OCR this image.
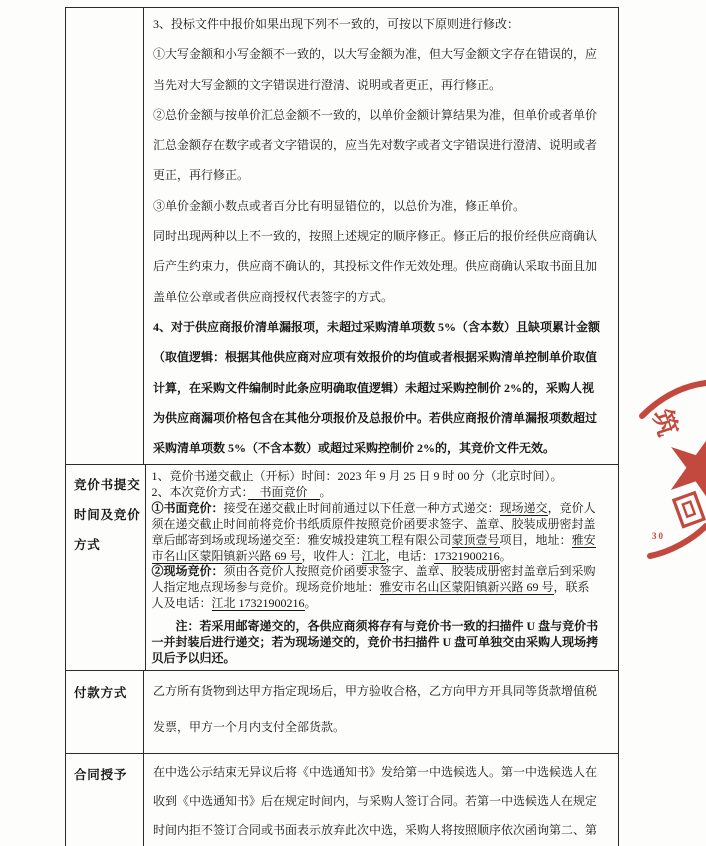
3、投标文件中报价如果出现下列不一致的，可按以下原则进行修改：
①大写金额和小写金额不一致的，以大写金额为准，但大写金额文字存在错误的，应
当先对大写金额的文字错误进行澄清、说明或者更正，再行修正。
②总价金额与按单价汇总金额不一致的，以单价金额计算结果为准，但单价或者单价
汇总金额存在数字或者文字错误的，应当先对数字或者文字错误进行澄清、说明或者
更正，再行修正。
③单价金额小数点或者百分比有明显错位的，以总价为准，修正单价。
同时出现两种以上不一致的，按照上述规定的顺序修正。修正后的报价经供应商确认
后产生约束力，供应商不确认的，其投标文件作无效处理。供应商确认采取书面且加
盖单位公章或者供应商授权代表签字的方式。
4、对于供应商报价清单漏报项，未超过采购清单项数 5%（含本数）且缺项累计金额
（取值逻辑：根据其他供应商对应项有效报价的均值或者根据采购清单控制单价取值
计算，在采购文件编制时此条应明确取值逻辑）未超过采购控制价 2%的，采购人视
为供应商漏项价格包含在其他分项报价及总报价中。若供应商报价清单漏报项数超过
采购清单项数 5%（不含本数）或超过采购控制价 2%的，其竞价文件无效。
竞价书提交
时间及竞价
方式
1、竞价书递交截止（开标）时间：2023 年 9 月 25 日 9 时 00 分（北京时间）。
2、本次竞价方式：　书面竞价　。
①书面竞价：接受在递交截止时间前通过以下任意一种方式递交：现场递交，竞价人
须在递交截止时间前将竞价书纸质原件按照竞价函要求签字、盖章、胶装成册密封盖
章后邮寄到场或现场递交至：雅安城投建筑工程有限公司蒙顶壹号项目，地址：雅安
市名山区蒙阳镇新兴路 69 号，收件人：江北，电话：17321900216。
②现场竞价：须由各竞价人按照竞价函要求签字、盖章、胶装成册密封盖章后到采购
人指定地点现场参与竞价。现场竞价地址：雅安市名山区蒙阳镇新兴路 69 号，联系
人及电话：江北 17321900216。
注：若采用邮寄递交的，各供应商须将存有与竞价书一致的扫描件 U 盘与竞价书
一并封装后进行递交；若为现场递交的，竞价书扫描件 U 盘可单独交由采购人现场拷
贝后予以归还。
付款方式	乙方所有货物到达甲方指定现场后，甲方验收合格，乙方向甲方开具同等货款增值税
发票，甲方一个月内支付全部货款。
合同授予	在中选公示结束无异议后将《中选通知书》发给第一中选候选人。第一中选候选人在
收到《中选通知书》后在规定时间内，与采购人签订合同。若第一中选候选人在规定
时间内拒不签订合同或书面表示放弃此次中选，采购人将按照顺序依次函询第二、第
筑
30
